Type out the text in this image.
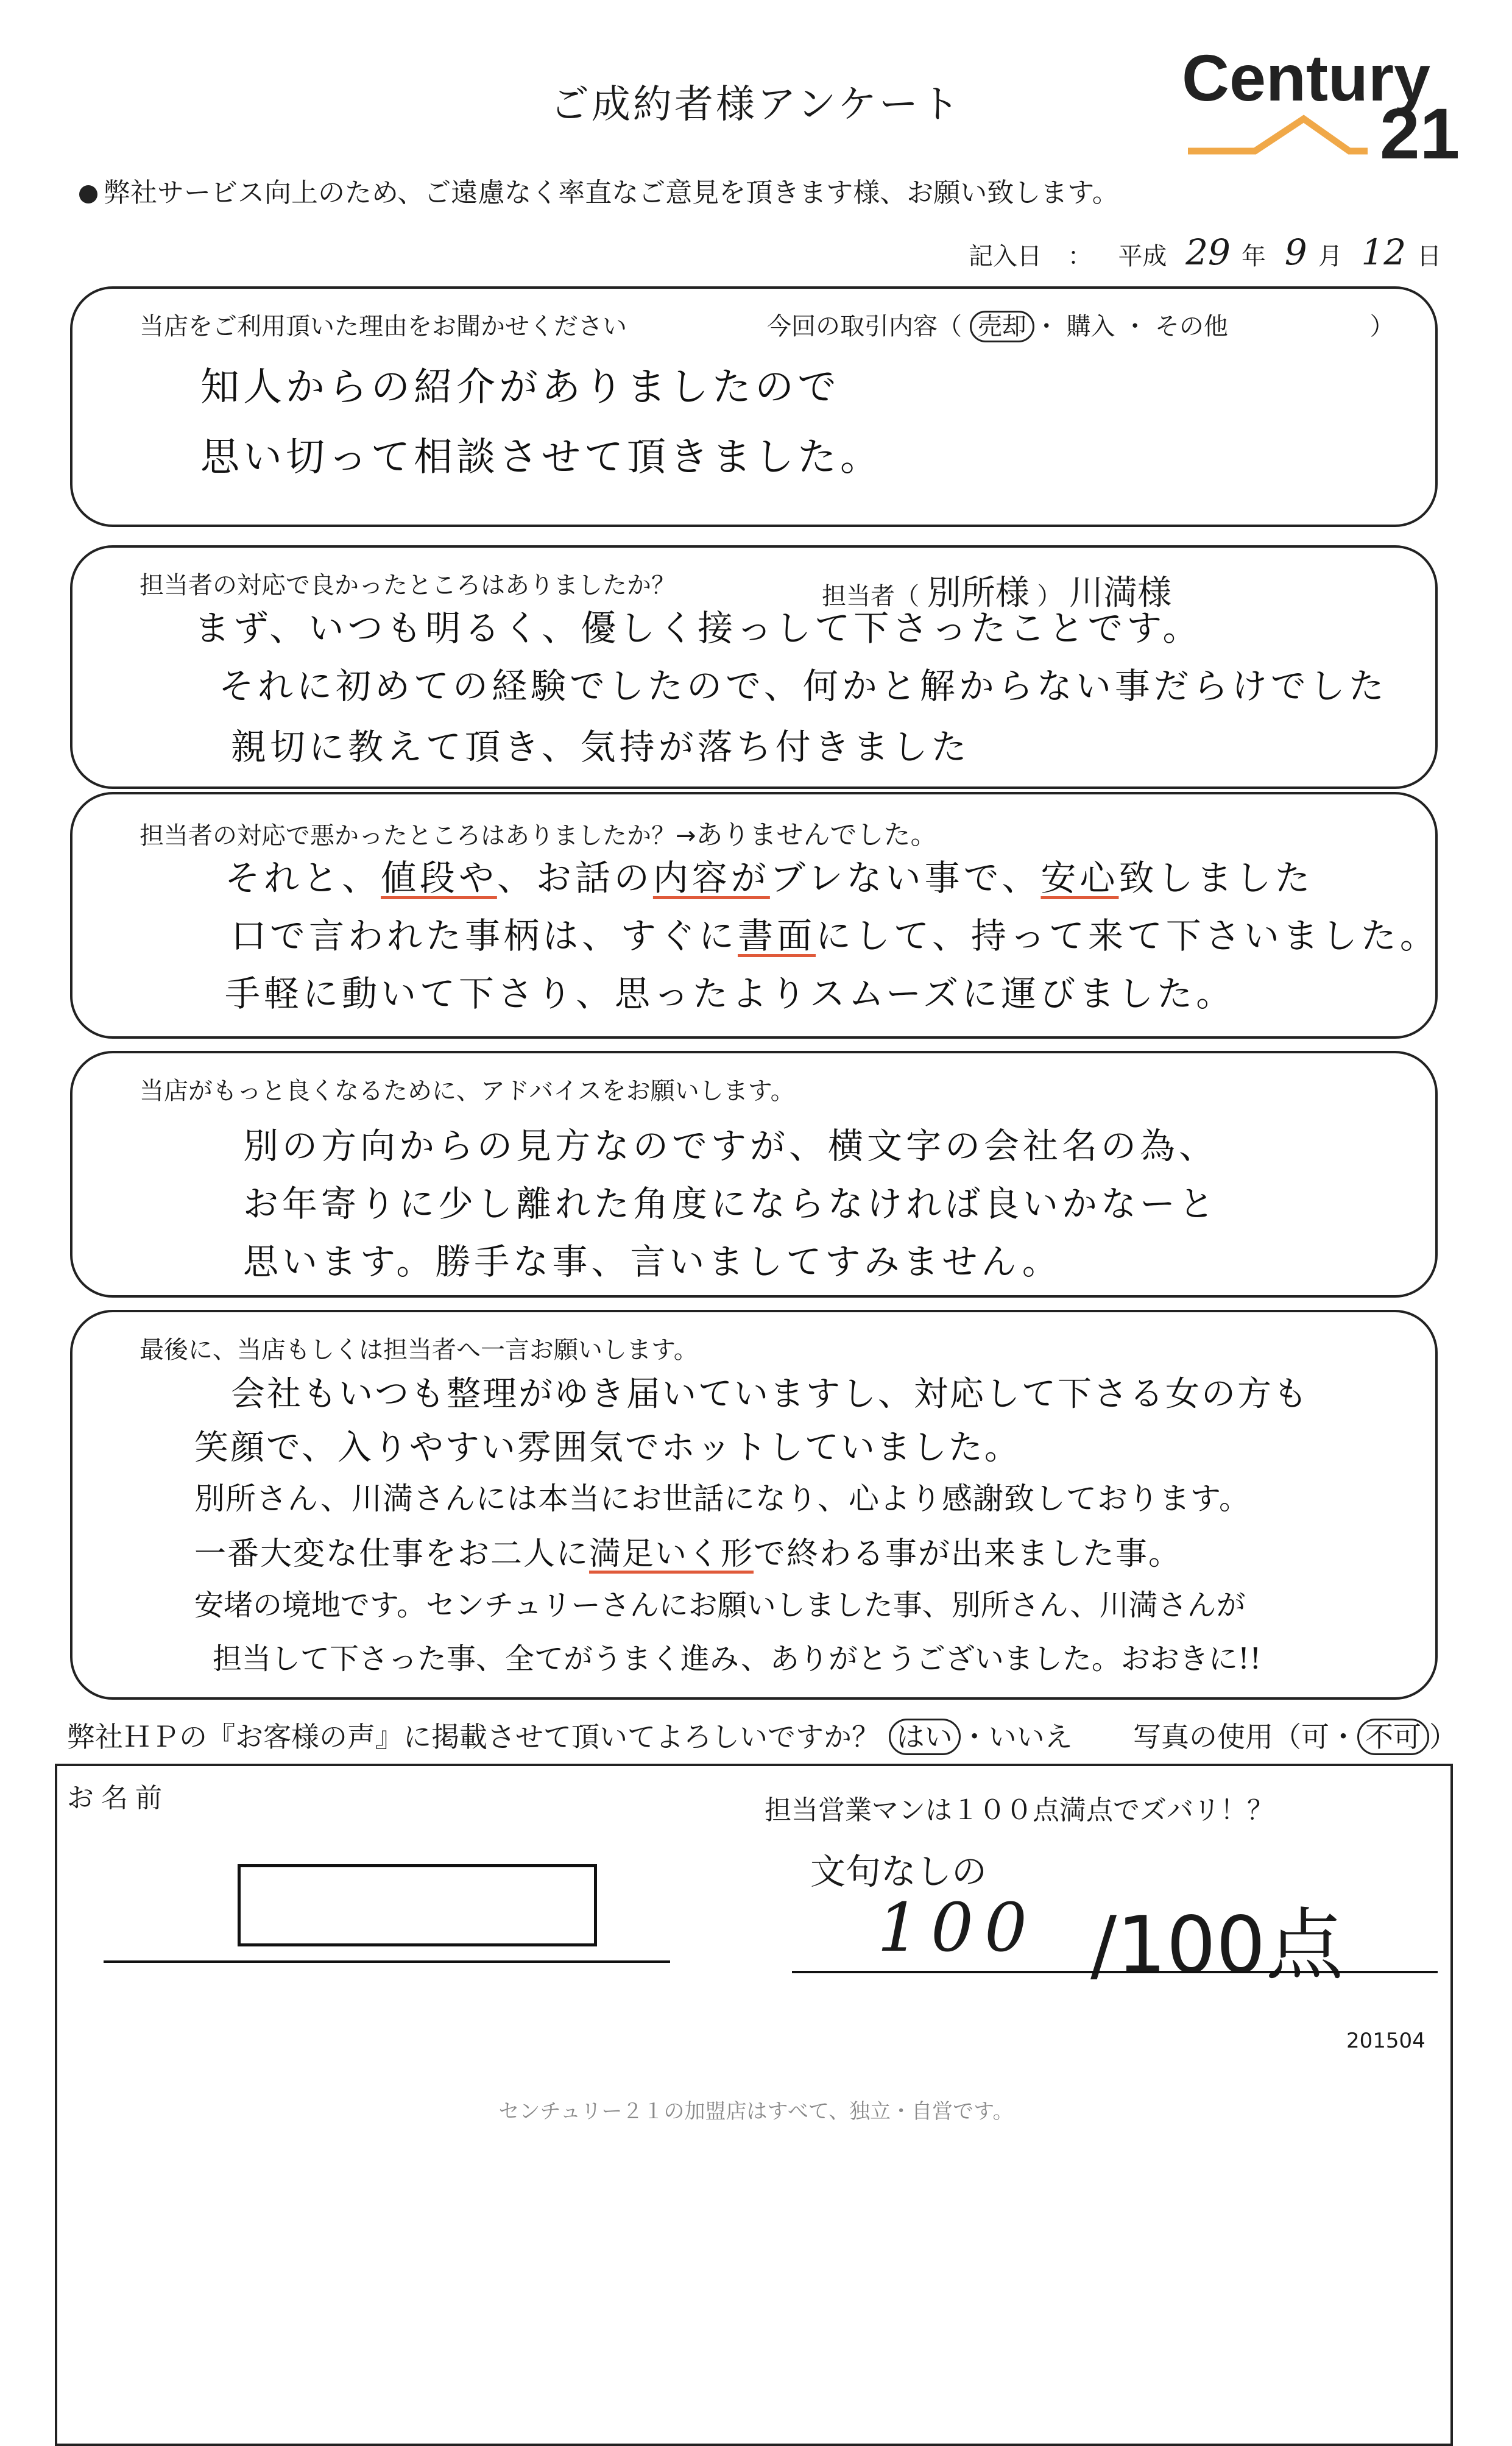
ご成約者様アンケート	Century
21
弊社サービス向上のため、ご遠慮なく率直なご意見を頂きます様、お願い致します。
記入日 ： 平成 29 年 9 月 12 日
当店をご利用頂いた理由をお聞かせください	今回の取引内容（ 売却 ・ 購入 ・ その他	）
知人からの紹介がありましたので
思い切って相談させて頂きました。
担当者の対応で良かったところはありましたか？	担当者（ 別所様 ） 川満様
まず、いつも明るく、優しく接っして下さったことです。
それに初めての経験でしたので、何かと解からない事だらけでした
親切に教えて頂き、気持が落ち付きました
担当者の対応で悪かったところはありましたか？→ありませんでした。
それと、値段や、お話の内容がブレない事で、安心致しました
口で言われた事柄は、すぐに書面にして、持って来て下さいました。
手軽に動いて下さり、思ったよりスムーズに運びました。
当店がもっと良くなるために、アドバイスをお願いします。
別の方向からの見方なのですが、横文字の会社名の為、
お年寄りに少し離れた角度にならなければ良いかなーと
思います。勝手な事、言いましてすみません。
最後に、当店もしくは担当者へ一言お願いします。
会社もいつも整理がゆき届いていますし、対応して下さる女の方も
笑顔で、入りやすい雰囲気でホットしていました。
別所さん、川満さんには本当にお世話になり、心より感謝致しております。
一番大変な仕事をお二人に満足いく形で終わる事が出来ました事。
安堵の境地です。センチュリーさんにお願いしました事、別所さん、川満さんが
担当して下さった事、全てがうまく進み、ありがとうございました。おおきに!!
弊社ＨＰの『お客様の声』に掲載させて頂いてよろしいですか？ はい ・いいえ 写真の使用（可・ 不可 ）
お名前	担当営業マンは１００点満点でズバリ！？
文句なしの
100 /100点
201504
センチュリー２１の加盟店はすべて、独立・自営です。
